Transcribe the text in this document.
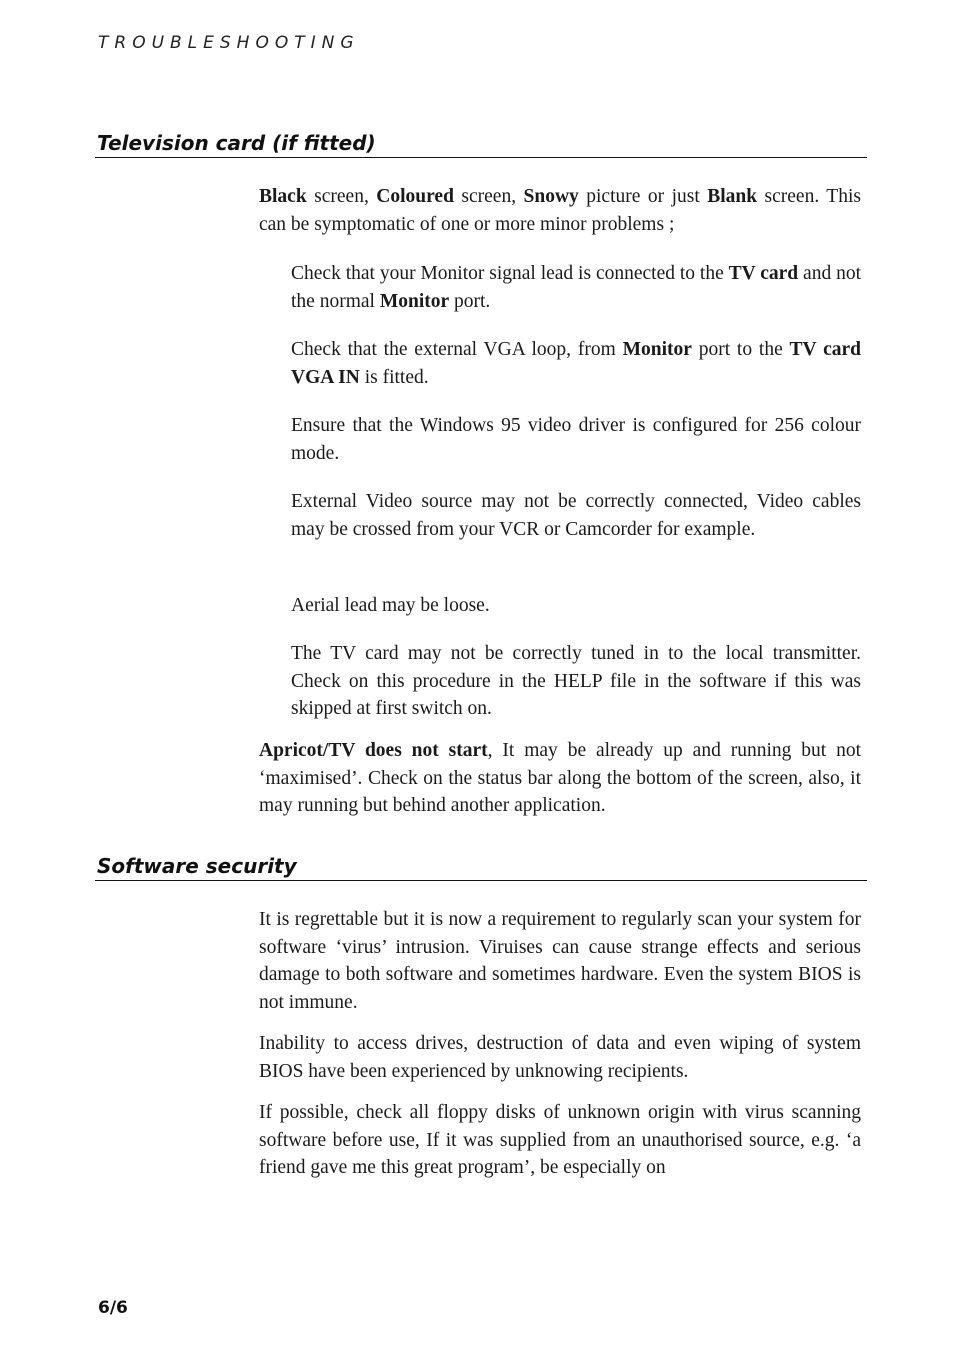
TROUBLESHOOTING
Television card (if fitted)

Black screen, Coloured screen, Snowy picture or just Blank screen. This can be symptomatic of one or more minor problems ;

Check that your Monitor signal lead is connected to the TV card and not the normal Monitor port.

Check that the external VGA loop, from Monitor port to the TV card VGA IN is fitted.

Ensure that the Windows 95 video driver is configured for 256 colour mode.

External Video source may not be correctly connected, Video cables may be crossed from your VCR or Camcorder for example.

Aerial lead may be loose.

The TV card may not be correctly tuned in to the local transmitter. Check on this procedure in the HELP file in the software if this was skipped at first switch on.

Apricot/TV does not start, It may be already up and running but not ‘maximised’. Check on the status bar along the bottom of the screen, also, it may running but behind another application.

Software security

It is regrettable but it is now a requirement to regularly scan your system for software ‘virus’ intrusion. Viruises can cause strange effects and serious damage to both software and sometimes hardware. Even the system BIOS is not immune.

Inability to access drives, destruction of data and even wiping of system BIOS have been experienced by unknowing recipients.

If possible, check all floppy disks of unknown origin with virus scanning software before use, If it was supplied from an unauthorised source, e.g. ‘a friend gave me this great program’, be especially on

6/6
